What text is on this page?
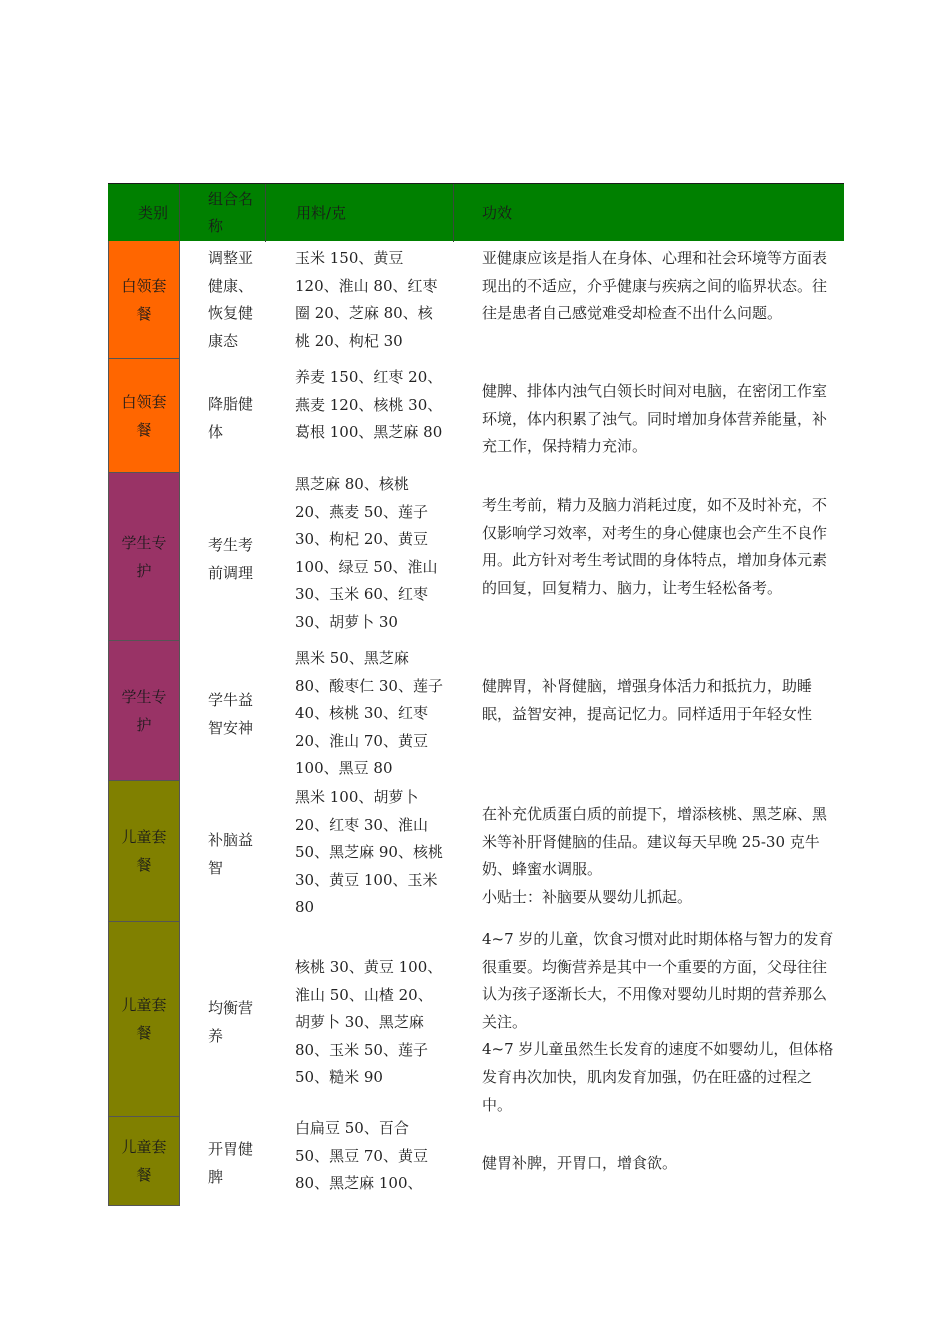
类别
组合名称
用料/克	功效
白领套餐
调整亚健康、恢复健康态
玉米 150、黄豆 120、淮山 80、红枣圈 20、芝麻 80、核桃 20、枸杞 30

亚健康应该是指人在身体、心理和社会环境等方面表现出的不适应，介乎健康与疾病之间的临界状态。往往是患者自己感觉难受却检查不出什么问题。

白领套餐
降脂健体
养麦 150、红枣 20、燕麦 120、核桃 30、葛根 100、黑芝麻 80

健脾、排体内浊气白领长时间对电脑，在密闭工作室环境，体内积累了浊气。同时增加身体营养能量，补充工作，保持精力充沛。

学生专护
考生考前调理
黑芝麻 80、核桃 20、燕麦 50、莲子 30、枸杞 20、黄豆 100、绿豆 50、淮山 30、玉米 60、红枣 30、胡萝卜 30

考生考前，精力及脑力消耗过度，如不及时补充，不仅影响学习效率，对考生的身心健康也会产生不良作用。此方针对考生考试間的身体特点，增加身体元素的回复，回复精力、脑力，让考生轻松备考。

学生专护
学牛益智安神
黑米 50、黑芝麻 80、酸枣仁 30、莲子 40、核桃 30、红枣 20、淮山 70、黄豆 100、黑豆 80

健脾胃，补肾健脑，增强身体活力和抵抗力，助睡眠，益智安神，提高记忆力。同样适用于年轻女性

儿童套餐
补脑益智
黑米 100、胡萝卜 20、红枣 30、淮山 50、黑芝麻 90、核桃 30、黄豆 100、玉米 80

在补充优质蛋白质的前提下，增添核桃、黑芝麻、黑米等补肝肾健脑的佳品。建议每天早晚 25-30 克牛奶、蜂蜜水调服。

小贴士：补脑要从婴幼儿抓起。

儿童套餐
均衡营养
核桃 30、黄豆 100、淮山 50、山楂 20、胡萝卜 30、黑芝麻 80、玉米 50、莲子 50、糙米 90

4~7 岁的儿童，饮食习惯对此时期体格与智力的发育很重要。均衡营养是其中一个重要的方面，父母往往认为孩子逐渐长大，不用像对婴幼儿时期的营养那么关注。

4~7 岁儿童虽然生长发育的速度不如婴幼儿，但体格发育冉次加快，肌肉发育加强，仍在旺盛的过程之中。

儿童套餐
开胃健脾
白扁豆 50、百合 50、黑豆 70、黄豆 80、黑芝麻 100、

健胃补脾，开胃口，增食欲。
